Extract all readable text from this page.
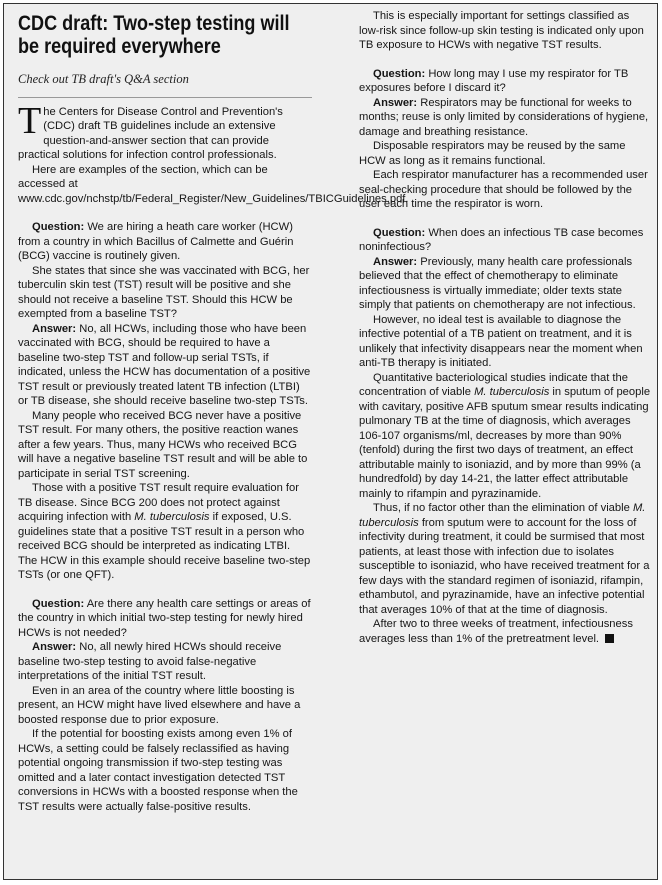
CDC draft: Two-step testing will be required everywhere
Check out TB draft's Q&A section

The Centers for Disease Control and Prevention's (CDC) draft TB guidelines include an extensive question-and-answer section that can provide practical solutions for infection control professionals.

Here are examples of the section, which can be accessed at www.cdc.gov/nchstp/tb/Federal_Register/New_Guidelines/TBICGuidelines.pdf.

Question: We are hiring a heath care worker (HCW) from a country in which Bacillus of Calmette and Guérin (BCG) vaccine is routinely given.

She states that since she was vaccinated with BCG, her tuberculin skin test (TST) result will be positive and she should not receive a baseline TST. Should this HCW be exempted from a baseline TST?

Answer: No, all HCWs, including those who have been vaccinated with BCG, should be required to have a baseline two-step TST and follow-up serial TSTs, if indicated, unless the HCW has documentation of a positive TST result or previously treated latent TB infection (LTBI) or TB disease, she should receive baseline two-step TSTs.

Many people who received BCG never have a positive TST result. For many others, the positive reaction wanes after a few years. Thus, many HCWs who received BCG will have a negative baseline TST result and will be able to participate in serial TST screening.

Those with a positive TST result require evaluation for TB disease. Since BCG 200 does not protect against acquiring infection with M. tuberculosis if exposed, U.S. guidelines state that a positive TST result in a person who received BCG should be interpreted as indicating LTBI. The HCW in this example should receive baseline two-step TSTs (or one QFT).

Question: Are there any health care settings or areas of the country in which initial two-step testing for newly hired HCWs is not needed?

Answer: No, all newly hired HCWs should receive baseline two-step testing to avoid false-negative interpretations of the initial TST result.

Even in an area of the country where little boosting is present, an HCW might have lived elsewhere and have a boosted response due to prior exposure.

If the potential for boosting exists among even 1% of HCWs, a setting could be falsely reclassified as having potential ongoing transmission if two-step testing was omitted and a later contact investigation detected TST conversions in HCWs with a boosted response when the TST results were actually false-positive results.

This is especially important for settings classified as low-risk since follow-up skin testing is indicated only upon TB exposure to HCWs with negative TST results.

Question: How long may I use my respirator for TB exposures before I discard it?

Answer: Respirators may be functional for weeks to months; reuse is only limited by considerations of hygiene, damage and breathing resistance.

Disposable respirators may be reused by the same HCW as long as it remains functional.

Each respirator manufacturer has a recommended user seal-checking procedure that should be followed by the user each time the respirator is worn.

Question: When does an infectious TB case becomes noninfectious?

Answer: Previously, many health care professionals believed that the effect of chemotherapy to eliminate infectiousness is virtually immediate; older texts state simply that patients on chemotherapy are not infectious.

However, no ideal test is available to diagnose the infective potential of a TB patient on treatment, and it is unlikely that infectivity disappears near the moment when anti-TB therapy is initiated.

Quantitative bacteriological studies indicate that the concentration of viable M. tuberculosis in sputum of people with cavitary, positive AFB sputum smear results indicating pulmonary TB at the time of diagnosis, which averages 106-107 organisms/ml, decreases by more than 90% (tenfold) during the first two days of treatment, an effect attributable mainly to isoniazid, and by more than 99% (a hundredfold) by day 14-21, the latter effect attributable mainly to rifampin and pyrazinamide.

Thus, if no factor other than the elimination of viable M. tuberculosis from sputum were to account for the loss of infectivity during treatment, it could be surmised that most patients, at least those with infection due to isolates susceptible to isoniazid, who have received treatment for a few days with the standard regimen of isoniazid, rifampin, ethambutol, and pyrazinamide, have an infective potential that averages 10% of that at the time of diagnosis.

After two to three weeks of treatment, infectiousness averages less than 1% of the pretreatment level.
